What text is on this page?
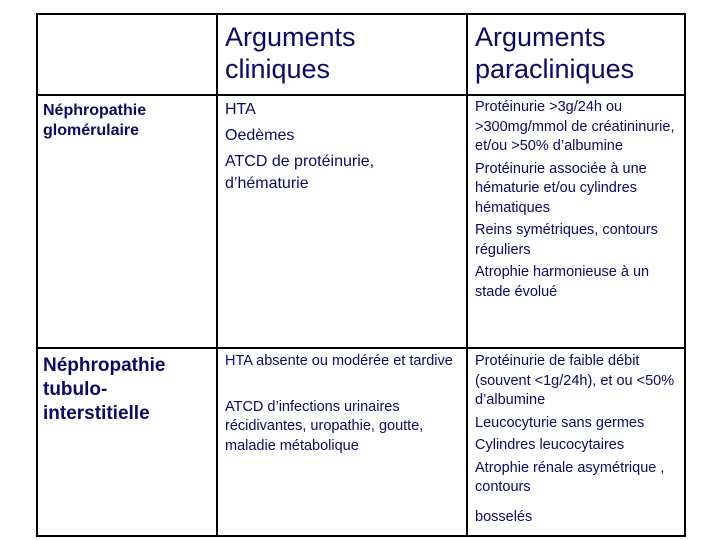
Arguments cliniques
Arguments paracliniques
Néphropathie glomérulaire

HTA

Oedèmes

ATCD de protéinurie, d’hématurie

Protéinurie >3g/24h ou >300mg/mmol de créatininurie, et/ou >50% d’albumine

Protéinurie associée à une hématurie et/ou cylindres hématiques

Reins symétriques, contours réguliers

Atrophie harmonieuse à un stade évolué

Néphropathie tubulo-interstitielle

HTA absente ou modérée et tardive

ATCD d’infections urinaires récidivantes, uropathie, goutte, maladie métabolique

Protéinurie de faible débit (souvent <1g/24h), et ou <50% d’albumine

Leucocyturie sans germes

Cylindres leucocytaires

Atrophie rénale asymétrique , contours

bosselés
